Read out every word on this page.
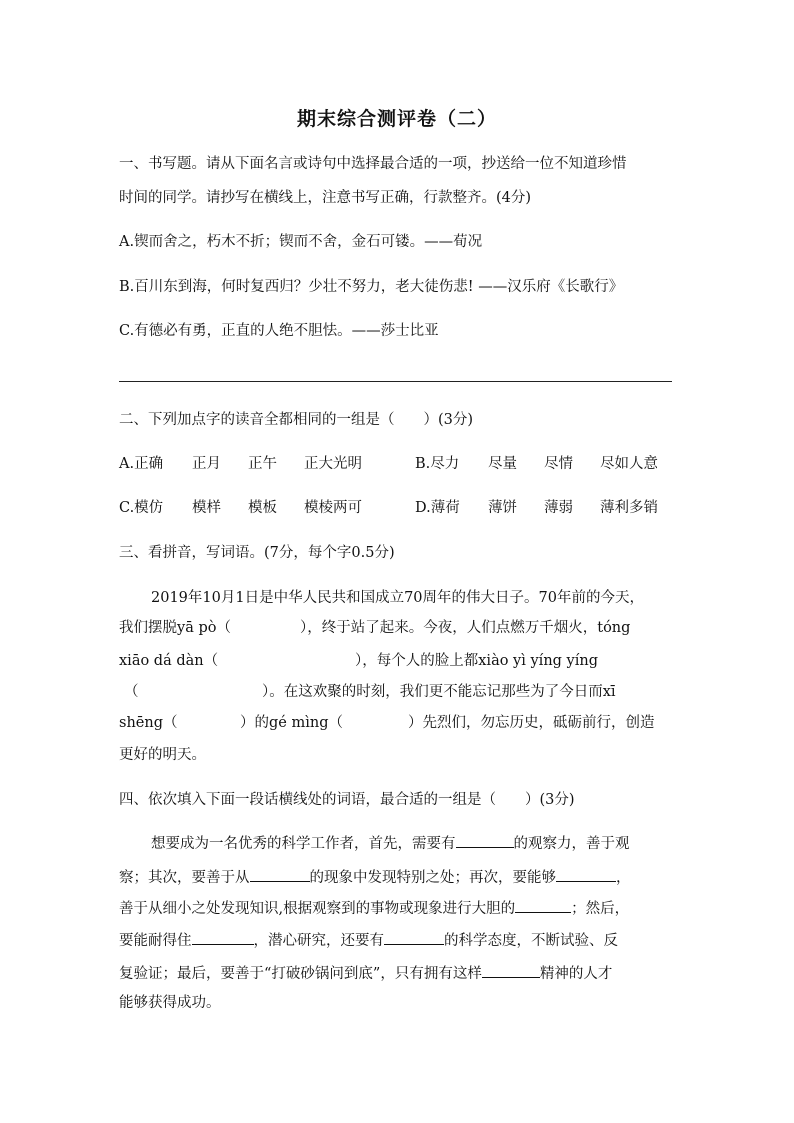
期末综合测评卷（二）
一、书写题。请从下面名言或诗句中选择最合适的一项，抄送给一位不知道珍惜
时间的同学。请抄写在横线上，注意书写正确，行款整齐。(4分)
A.锲而舍之，朽木不折；锲而不舍，金石可镂。——荀况
B.百川东到海，何时复西归？少壮不努力，老大徒伤悲! ——汉乐府《长歌行》
C.有德必有勇，正直的人绝不胆怯。——莎士比亚
二、下列加点字的读音全都相同的一组是（　　）(3分)
A.正确 正月 正午 正大光明	B.尽力 尽量 尽情 尽如人意
C.模仿 模样 模板 模棱两可	D.薄荷 薄饼 薄弱 薄利多销
三、看拼音，写词语。(7分，每个字0.5分)
2019年10月1日是中华人民共和国成立70周年的伟大日子。70年前的今天，
我们摆脱yā pò（	），终于站了起来。今夜，人们点燃万千烟火，tóng
xiāo dá dàn（	），每个人的脸上都xiào yì yíng yíng
（	）。在这欢聚的时刻，我们更不能忘记那些为了今日而xī
shēng（	）的gé mìng（	）先烈们，勿忘历史，砥砺前行，创造
更好的明天。
四、依次填入下面一段话横线处的词语，最合适的一组是（　　）(3分)
想要成为一名优秀的科学工作者，首先，需要有	的观察力，善于观
察；其次，要善于从	的现象中发现特别之处；再次，要能够	，
善于从细小之处发现知识,根据观察到的事物或现象进行大胆的	；然后，
要能耐得住	，潜心研究，还要有	的科学态度，不断试验、反
复验证；最后，要善于“打破砂锅问到底”，只有拥有这样	精神的人才
能够获得成功。
